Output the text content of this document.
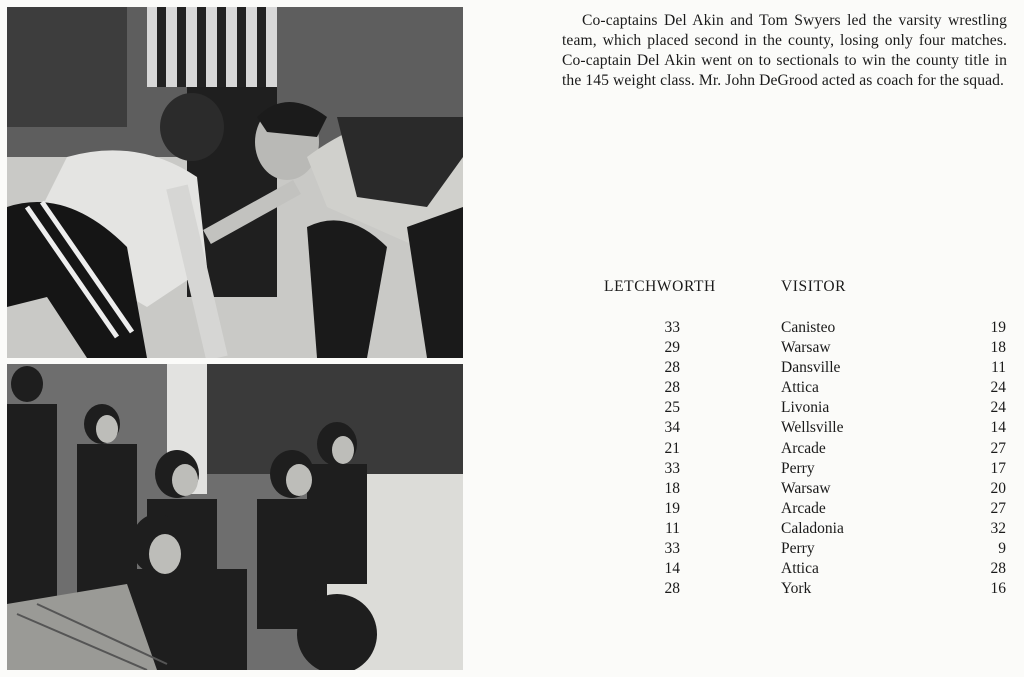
Co-captains Del Akin and Tom Swyers led the varsity wrestling team, which placed second in the county, losing only four matches. Co-captain Del Akin went on to sectionals to win the county title in the 145 weight class. Mr. John DeGrood acted as coach for the squad.
LETCHWORTH	VISITOR
33	Canisteo	19
29	Warsaw	18
28	Dansville	11
28	Attica	24
25	Livonia	24
34	Wellsville	14
21	Arcade	27
33	Perry	17
18	Warsaw	20
19	Arcade	27
11	Caladonia	32
33	Perry	9
14	Attica	28
28	York	16
